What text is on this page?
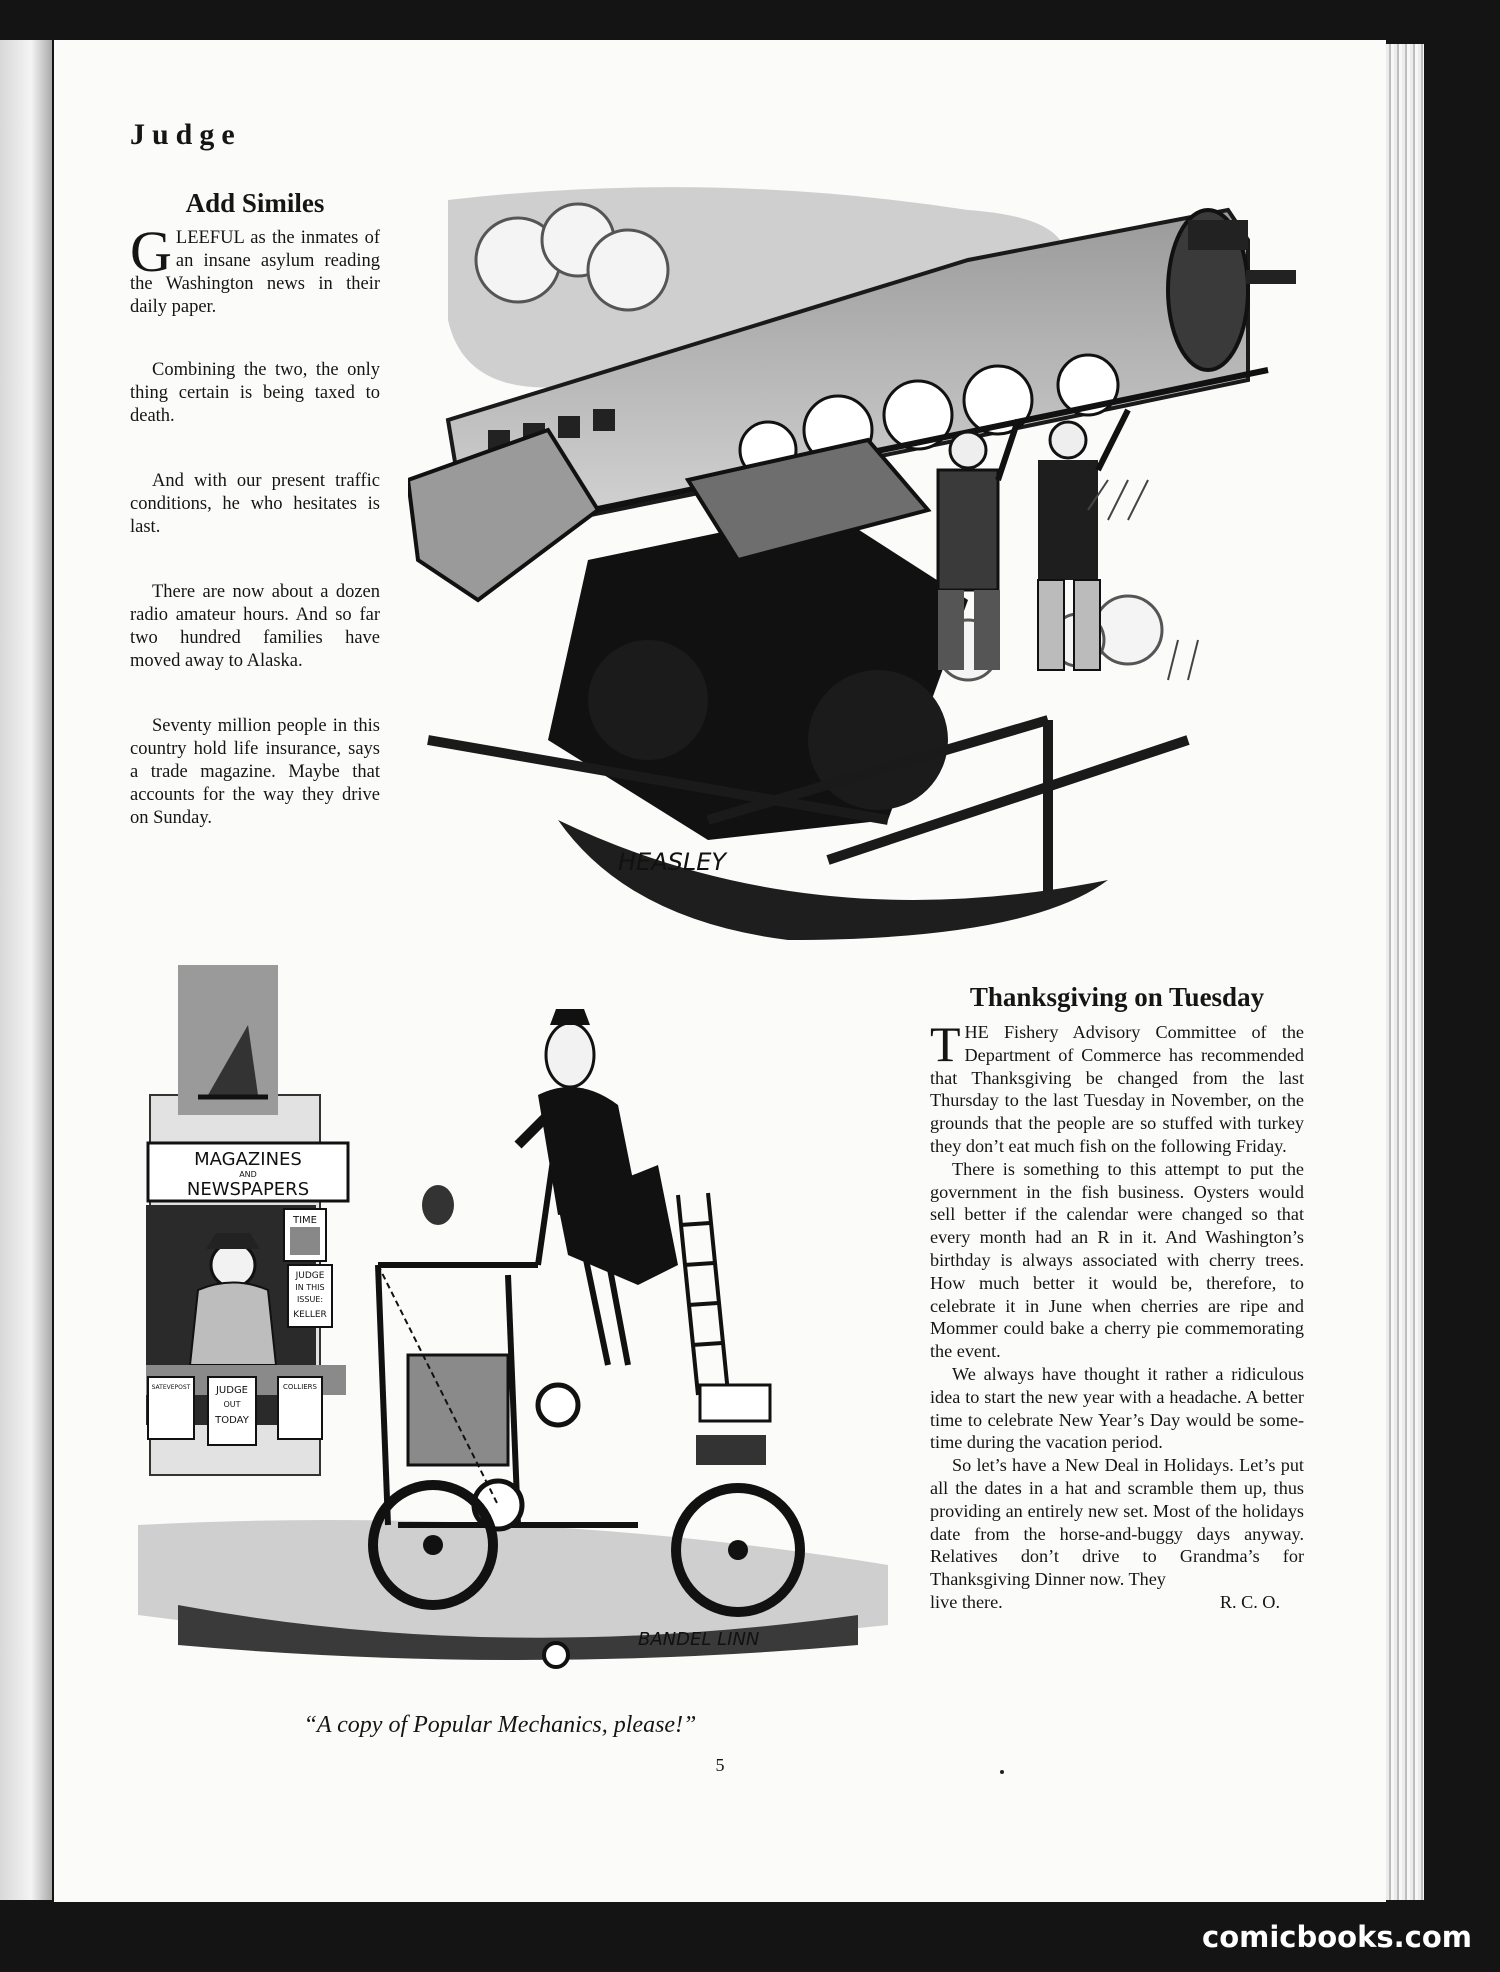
Judge
Add Similes

GLEEFUL as the inmates of an insane asylum reading the Washington news in their daily paper.

Combining the two, the only thing certain is being taxed to death.

And with our present traffic conditions, he who hesitates is last.

There are now about a dozen radio amateur hours. And so far two hundred families have moved away to Alaska.

Seventy million people in this country hold life insurance, says a trade magazine. Maybe that accounts for the way they drive on Sunday.

HEASLEY
MAGAZINES
AND
NEWSPAPERS
TIME
JUDGE
IN THIS
ISSUE:
KELLER
SATEVEPOST	JUDGE
OUT
TODAY
COLLIERS
BANDEL LINN

“A copy of Popular Mechanics, please!”

Thanksgiving on Tuesday

THE Fishery Advisory Committee of the Department of Commerce has recommended that Thanksgiving be changed from the last Thursday to the last Tuesday in November, on the grounds that the people are so stuffed with turkey they don’t eat much fish on the following Friday.

There is something to this attempt to put the government in the fish business. Oysters would sell better if the calendar were changed so that every month had an R in it. And Washington’s birthday is always associated with cherry trees. How much better it would be, therefore, to celebrate it in June when cherries are ripe and Mommer could bake a cherry pie commemorating the event.

We always have thought it rather a ridiculous idea to start the new year with a headache. A better time to celebrate New Year’s Day would be sometime during the vacation period.

So let’s have a New Deal in Holidays. Let’s put all the dates in a hat and scramble them up, thus providing an entirely new set. Most of the holidays date from the horse-and-buggy days anyway. Relatives don’t drive to Grandma’s for Thanksgiving Dinner now. They

live there.	R. C. O.

5

comicbooks.com
